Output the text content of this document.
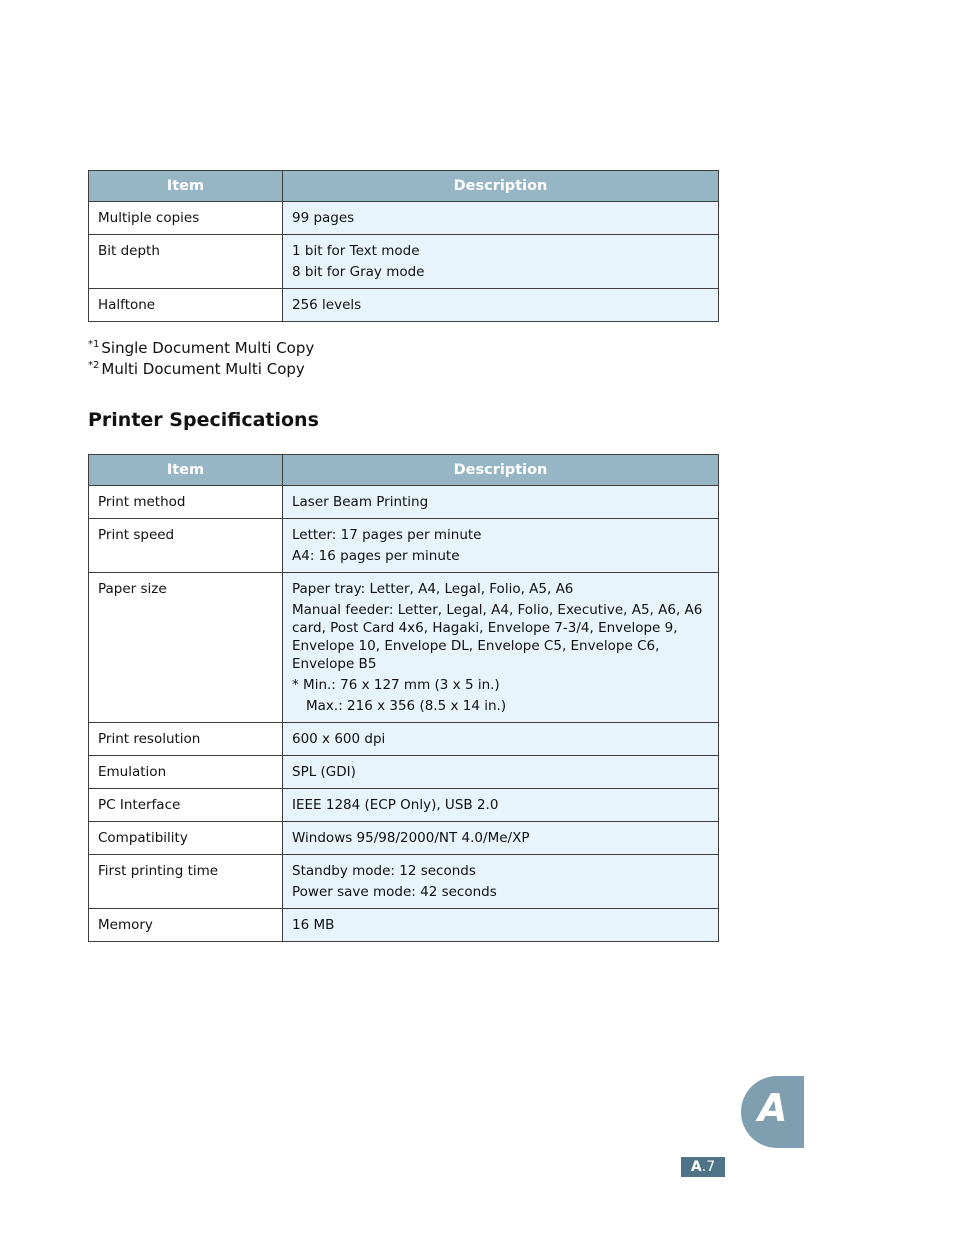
Item	Description
Multiple copies	99 pages

Bit depth	1 bit for Text mode
8 bit for Gray mode

Halftone	256 levels
$^{*1}$ Single Document Multi Copy
$^{*2}$ Multi Document Multi Copy
Printer Specifications
Item	Description
Print method	Laser Beam Printing

Print speed	Letter: 17 pages per minute
A4: 16 pages per minute

Paper size	Paper tray: Letter, A4, Legal, Folio, A5, A6
Manual feeder: Letter, Legal, A4, Folio, Executive, A5, A6, A6 card, Post Card 4x6, Hagaki, Envelope 7-3/4, Envelope 9, Envelope 10, Envelope DL, Envelope C5, Envelope C6, Envelope B5
* Min.: 76 x 127 mm (3 x 5 in.)
Max.: 216 x 356 (8.5 x 14 in.)

Print resolution	600 x 600 dpi

Emulation	SPL (GDI)

PC Interface	IEEE 1284 (ECP Only), USB 2.0

Compatibility	Windows 95/98/2000/NT 4.0/Me/XP

First printing time	Standby mode: 12 seconds
Power save mode: 42 seconds

Memory	16 MB
A
A.7
